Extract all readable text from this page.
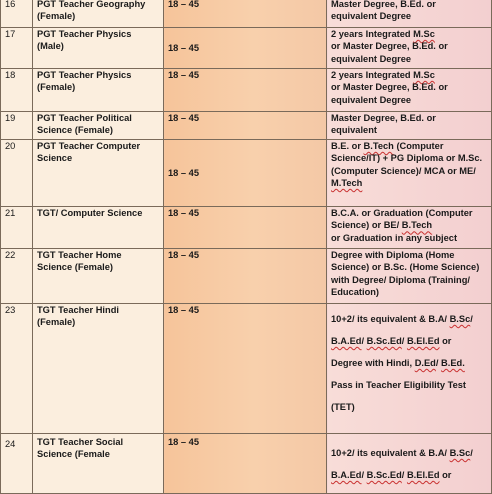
16	PGT Teacher Geography (Female)	18 – 45	Master Degree, B.Ed. or
equivalent Degree

17	PGT Teacher Physics (Male)	18 – 45	2 years Integrated M.Sc
or Master Degree, B.Ed. or
equivalent Degree

18	PGT Teacher Physics (Female)	18 – 45	2 years Integrated M.Sc
or Master Degree, B.Ed. or
equivalent Degree

19	PGT Teacher Political Science (Female)	18 – 45	Master Degree, B.Ed. or
equivalent

20	PGT Teacher Computer Science	18 – 45	B.E. or B.Tech (Computer
Science/IT) + PG Diploma or M.Sc.
(Computer Science)/ MCA or ME/
M.Tech

21	TGT/ Computer Science	18 – 45	B.C.A. or Graduation (Computer
Science) or BE/ B.Tech
or Graduation in any subject

22	TGT Teacher Home Science (Female)	18 – 45	Degree with Diploma (Home
Science) or B.Sc. (Home Science)
with Degree/ Diploma (Training/
Education)

23	TGT Teacher Hindi (Female)	18 – 45	10+2/ its equivalent & B.A/ B.Sc/
B.A.Ed/ B.Sc.Ed/ B.El.Ed or
Degree with Hindi, D.Ed/ B.Ed.
Pass in Teacher Eligibility Test
(TET)

24	TGT Teacher Social Science (Female	18 – 45	10+2/ its equivalent & B.A/ B.Sc/
B.A.Ed/ B.Sc.Ed/ B.El.Ed or
